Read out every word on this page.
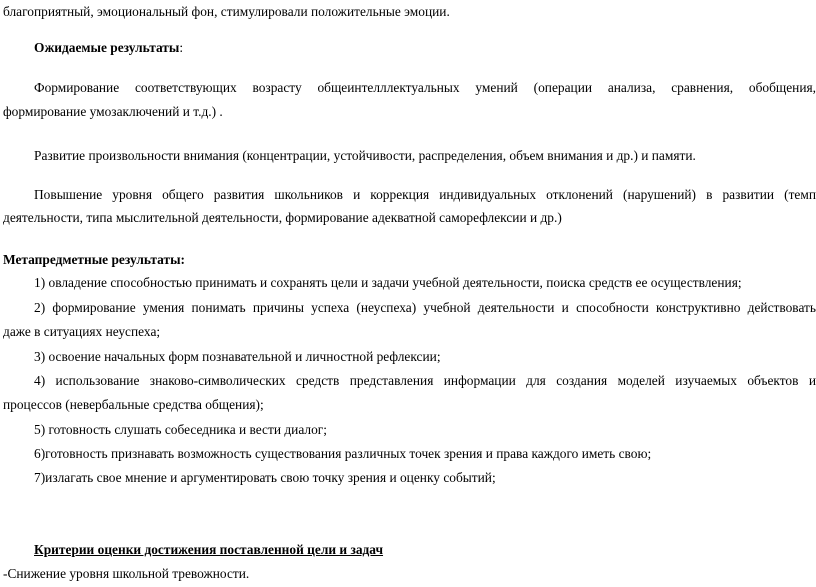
благоприятный, эмоциональный фон, стимулировали положительные эмоции.
Ожидаемые результаты:
Формирование соответствующих возрасту общеинтелллектуальных умений (операции анализа, сравнения, обобщения,
формирование умозаключений и т.д.) .
Развитие произвольности внимания (концентрации, устойчивости, распределения, объем внимания и др.) и памяти.
Повышение уровня общего развития школьников и коррекция индивидуальных отклонений (нарушений) в развитии (темп
деятельности, типа мыслительной деятельности, формирование адекватной саморефлексии и др.)
Метапредметные результаты:
1) овладение способностью принимать и сохранять цели и задачи учебной деятельности, поиска средств ее осуществления;
2) формирование умения понимать причины успеха (неуспеха) учебной деятельности и способности конструктивно действовать
даже в ситуациях неуспеха;
3) освоение начальных форм познавательной и личностной рефлексии;
4) использование знаково-символических средств представления информации для создания моделей изучаемых объектов и
процессов (невербальные средства общения);
5) готовность слушать собеседника и вести диалог;
6)готовность признавать возможность существования различных точек зрения и права каждого иметь свою;
7)излагать свое мнение и аргументировать свою точку зрения и оценку событий;
Критерии оценки достижения поставленной цели и задач
-Снижение уровня школьной тревожности.
